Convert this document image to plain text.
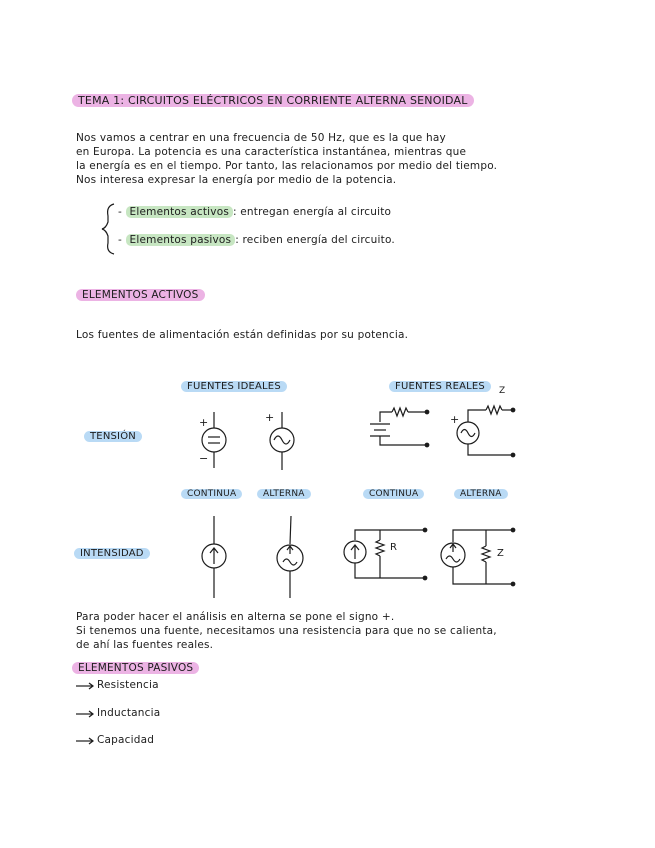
TEMA 1: CIRCUITOS ELÉCTRICOS EN CORRIENTE ALTERNA SENOIDAL
Nos vamos a centrar en una frecuencia de 50 Hz, que es la que hay
en Europa. La potencia es una característica instantánea, mientras que
la energía es en el tiempo. Por tanto, las relacionamos por medio del tiempo.
Nos interesa expresar la energía por medio de la potencia.
- Elementos activos : entregan energía al circuito
- Elementos pasivos : reciben energía del circuito.
ELEMENTOS ACTIVOS
Los fuentes de alimentación están definidas por su potencia.
FUENTES IDEALES	FUENTES REALES	Z
TENSIÓN
INTENSIDAD
CONTINUA	ALTERNA	CONTINUA	ALTERNA
+
−
+	+
R
Z
Para poder hacer el análisis en alterna se pone el signo +.
Si tenemos una fuente, necesitamos una resistencia para que no se calienta,
de ahí las fuentes reales.
ELEMENTOS PASIVOS
Resistencia
Inductancia
Capacidad
